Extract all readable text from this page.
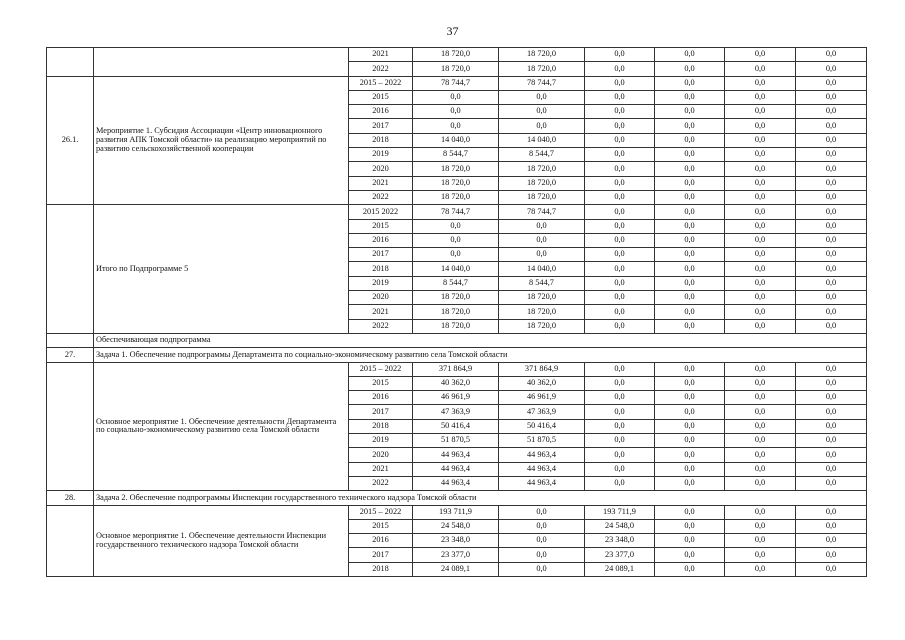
37
		2021	18 720,0	18 720,0	0,0	0,0	0,0	0,0
		2022	18 720,0	18 720,0	0,0	0,0	0,0	0,0
26.1.	Мероприятие 1. Субсидия Ассоциации «Центр инновационного развития АПК Томской области» на реализацию мероприятий по развитию сельскохозяйственной кооперации	2015 – 2022	78 744,7	78 744,7	0,0	0,0	0,0	0,0
		2015	0,0	0,0	0,0	0,0	0,0	0,0
		2016	0,0	0,0	0,0	0,0	0,0	0,0
		2017	0,0	0,0	0,0	0,0	0,0	0,0
		2018	14 040,0	14 040,0	0,0	0,0	0,0	0,0
		2019	8 544,7	8 544,7	0,0	0,0	0,0	0,0
		2020	18 720,0	18 720,0	0,0	0,0	0,0	0,0
		2021	18 720,0	18 720,0	0,0	0,0	0,0	0,0
		2022	18 720,0	18 720,0	0,0	0,0	0,0	0,0
	Итого по Подпрограмме 5	2015 2022	78 744,7	78 744,7	0,0	0,0	0,0	0,0
		2015	0,0	0,0	0,0	0,0	0,0	0,0
		2016	0,0	0,0	0,0	0,0	0,0	0,0
		2017	0,0	0,0	0,0	0,0	0,0	0,0
		2018	14 040,0	14 040,0	0,0	0,0	0,0	0,0
		2019	8 544,7	8 544,7	0,0	0,0	0,0	0,0
		2020	18 720,0	18 720,0	0,0	0,0	0,0	0,0
		2021	18 720,0	18 720,0	0,0	0,0	0,0	0,0
		2022	18 720,0	18 720,0	0,0	0,0	0,0	0,0
	Обеспечивающая подпрограмма							
27.	Задача 1. Обеспечение подпрограммы Департамента по социально-экономическому развитию села Томской области							
	Основное мероприятие 1. Обеспечение деятельности Департамента по социально-экономическому развитию села Томской области	2015 – 2022	371 864,9	371 864,9	0,0	0,0	0,0	0,0
		2015	40 362,0	40 362,0	0,0	0,0	0,0	0,0
		2016	46 961,9	46 961,9	0,0	0,0	0,0	0,0
		2017	47 363,9	47 363,9	0,0	0,0	0,0	0,0
		2018	50 416,4	50 416,4	0,0	0,0	0,0	0,0
		2019	51 870,5	51 870,5	0,0	0,0	0,0	0,0
		2020	44 963,4	44 963,4	0,0	0,0	0,0	0,0
		2021	44 963,4	44 963,4	0,0	0,0	0,0	0,0
		2022	44 963,4	44 963,4	0,0	0,0	0,0	0,0
28.	Задача 2. Обеспечение подпрограммы Инспекции государственного технического надзора Томской области							
	Основное мероприятие 1. Обеспечение деятельности Инспекции государственного технического надзора Томской области	2015 – 2022	193 711,9	0,0	193 711,9	0,0	0,0	0,0
		2015	24 548,0	0,0	24 548,0	0,0	0,0	0,0
		2016	23 348,0	0,0	23 348,0	0,0	0,0	0,0
		2017	23 377,0	0,0	23 377,0	0,0	0,0	0,0
		2018	24 089,1	0,0	24 089,1	0,0	0,0	0,0
